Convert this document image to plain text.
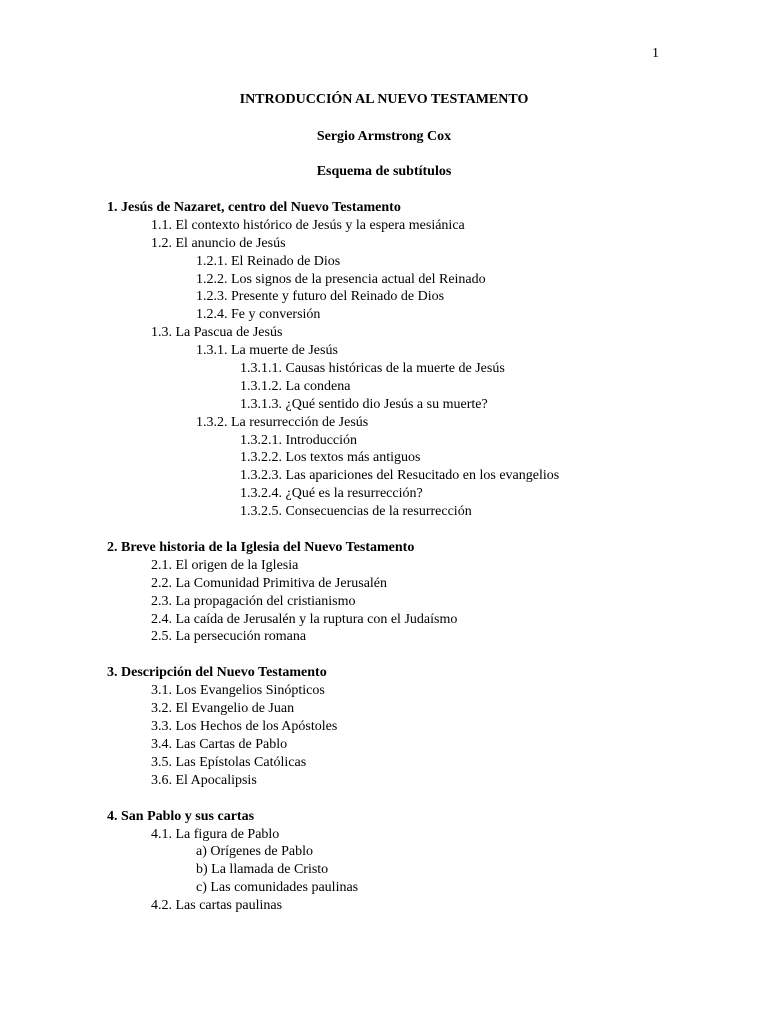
1
INTRODUCCIÓN AL NUEVO TESTAMENTO
Sergio Armstrong Cox
Esquema de subtítulos
1. Jesús de Nazaret, centro del Nuevo Testamento
1.1. El contexto histórico de Jesús y la espera mesiánica
1.2. El anuncio de Jesús
1.2.1. El Reinado de Dios
1.2.2. Los signos de la presencia actual del Reinado
1.2.3. Presente y futuro del Reinado de Dios
1.2.4. Fe y conversión
1.3. La Pascua de Jesús
1.3.1. La muerte de Jesús
1.3.1.1. Causas históricas de la muerte de Jesús
1.3.1.2. La condena
1.3.1.3. ¿Qué sentido dio Jesús a su muerte?
1.3.2. La resurrección de Jesús
1.3.2.1. Introducción
1.3.2.2. Los textos más antiguos
1.3.2.3. Las apariciones del Resucitado en los evangelios
1.3.2.4. ¿Qué es la resurrección?
1.3.2.5. Consecuencias de la resurrección
2. Breve historia de la Iglesia del Nuevo Testamento
2.1. El origen de la Iglesia
2.2. La Comunidad Primitiva de Jerusalén
2.3. La propagación del cristianismo
2.4. La caída de Jerusalén y la ruptura con el Judaísmo
2.5. La persecución romana
3. Descripción del Nuevo Testamento
3.1. Los Evangelios Sinópticos
3.2. El Evangelio de Juan
3.3. Los Hechos de los Apóstoles
3.4. Las Cartas de Pablo
3.5. Las Epístolas Católicas
3.6. El Apocalipsis
4. San Pablo y sus cartas
4.1. La figura de Pablo
a) Orígenes de Pablo
b) La llamada de Cristo
c) Las comunidades paulinas
4.2. Las cartas paulinas
